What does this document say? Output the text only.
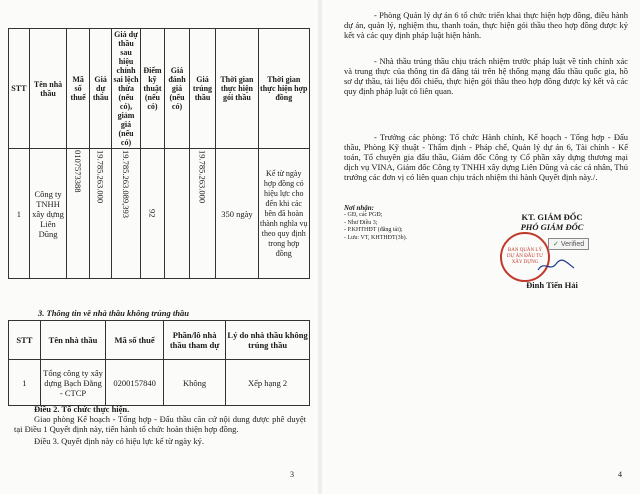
STT	Tên nhà thầu	Mã số thuế	Giá dự thầu	Giá dự thầu sau hiệu chỉnh sai lệch thừa (nếu có), giảm giá (nếu có)	Điểm kỹ thuật (nếu có)	Giá đánh giá (nếu có)	Giá trúng thầu	Thời gian thực hiện gói thầu	Thời gian thực hiện hợp đồng
1	Công ty TNHH xây dựng Liên Dũng	0107573388	19.785.263.000	19.785.263.089,393	92		19.785.263.000	350 ngày	Kể từ ngày hợp đồng có hiệu lực cho đến khi các bên đã hoàn thành nghĩa vụ theo quy định trong hợp đồng
3. Thông tin về nhà thầu không trúng thầu
STT	Tên nhà thầu	Mã số thuế	Phần/lô nhà thầu tham dự	Lý do nhà thầu không trúng thầu
1	Tổng công ty xây dựng Bạch Đằng - CTCP	0200157840	Không	Xếp hạng 2
Điều 2. Tổ chức thực hiện.
Giao phòng Kế hoạch - Tổng hợp - Đấu thầu căn cứ nội dung được phê duyệt tại Điều 1 Quyết định này, tiến hành tổ chức hoàn thiện hợp đồng.
Điều 3. Quyết định này có hiệu lực kể từ ngày ký.
3
- Phòng Quản lý dự án 6 tổ chức triển khai thực hiện hợp đồng, điều hành dự án, quản lý, nghiệm thu, thanh toán, thực hiện gói thầu theo hợp đồng được ký kết và các quy định pháp luật hiện hành.
- Nhà thầu trúng thầu chịu trách nhiệm trước pháp luật về tính chính xác và trung thực của thông tin đã đăng tải trên hệ thống mạng đấu thầu quốc gia, hồ sơ dự thầu, tài liệu đối chiếu, thực hiện gói thầu theo hợp đồng được ký kết và các quy định pháp luật có liên quan.
- Trưởng các phòng: Tổ chức Hành chính, Kế hoạch - Tổng hợp - Đấu thầu, Phòng Kỹ thuật - Thẩm định - Pháp chế, Quản lý dự án 6, Tài chính - Kế toán, Tổ chuyên gia đấu thầu, Giám đốc Công ty Cổ phần xây dựng thương mại dịch vụ VINA, Giám đốc Công ty TNHH xây dựng Liên Dũng và các cá nhân, Thủ trưởng các đơn vị có liên quan chịu trách nhiệm thi hành Quyết định này./.
Nơi nhận:
- GĐ, các PGĐ;
- Như Điều 3;
- P.KHTHĐT (đăng tải);
- Lưu: VT, KHTHĐT(3b).
KT. GIÁM ĐỐC
PHÓ GIÁM ĐỐC
BAN QUẢN LÝ DỰ ÁN ĐẦU TƯ XÂY DỰNG
✓ Verified
Đinh Tiến Hải
4
